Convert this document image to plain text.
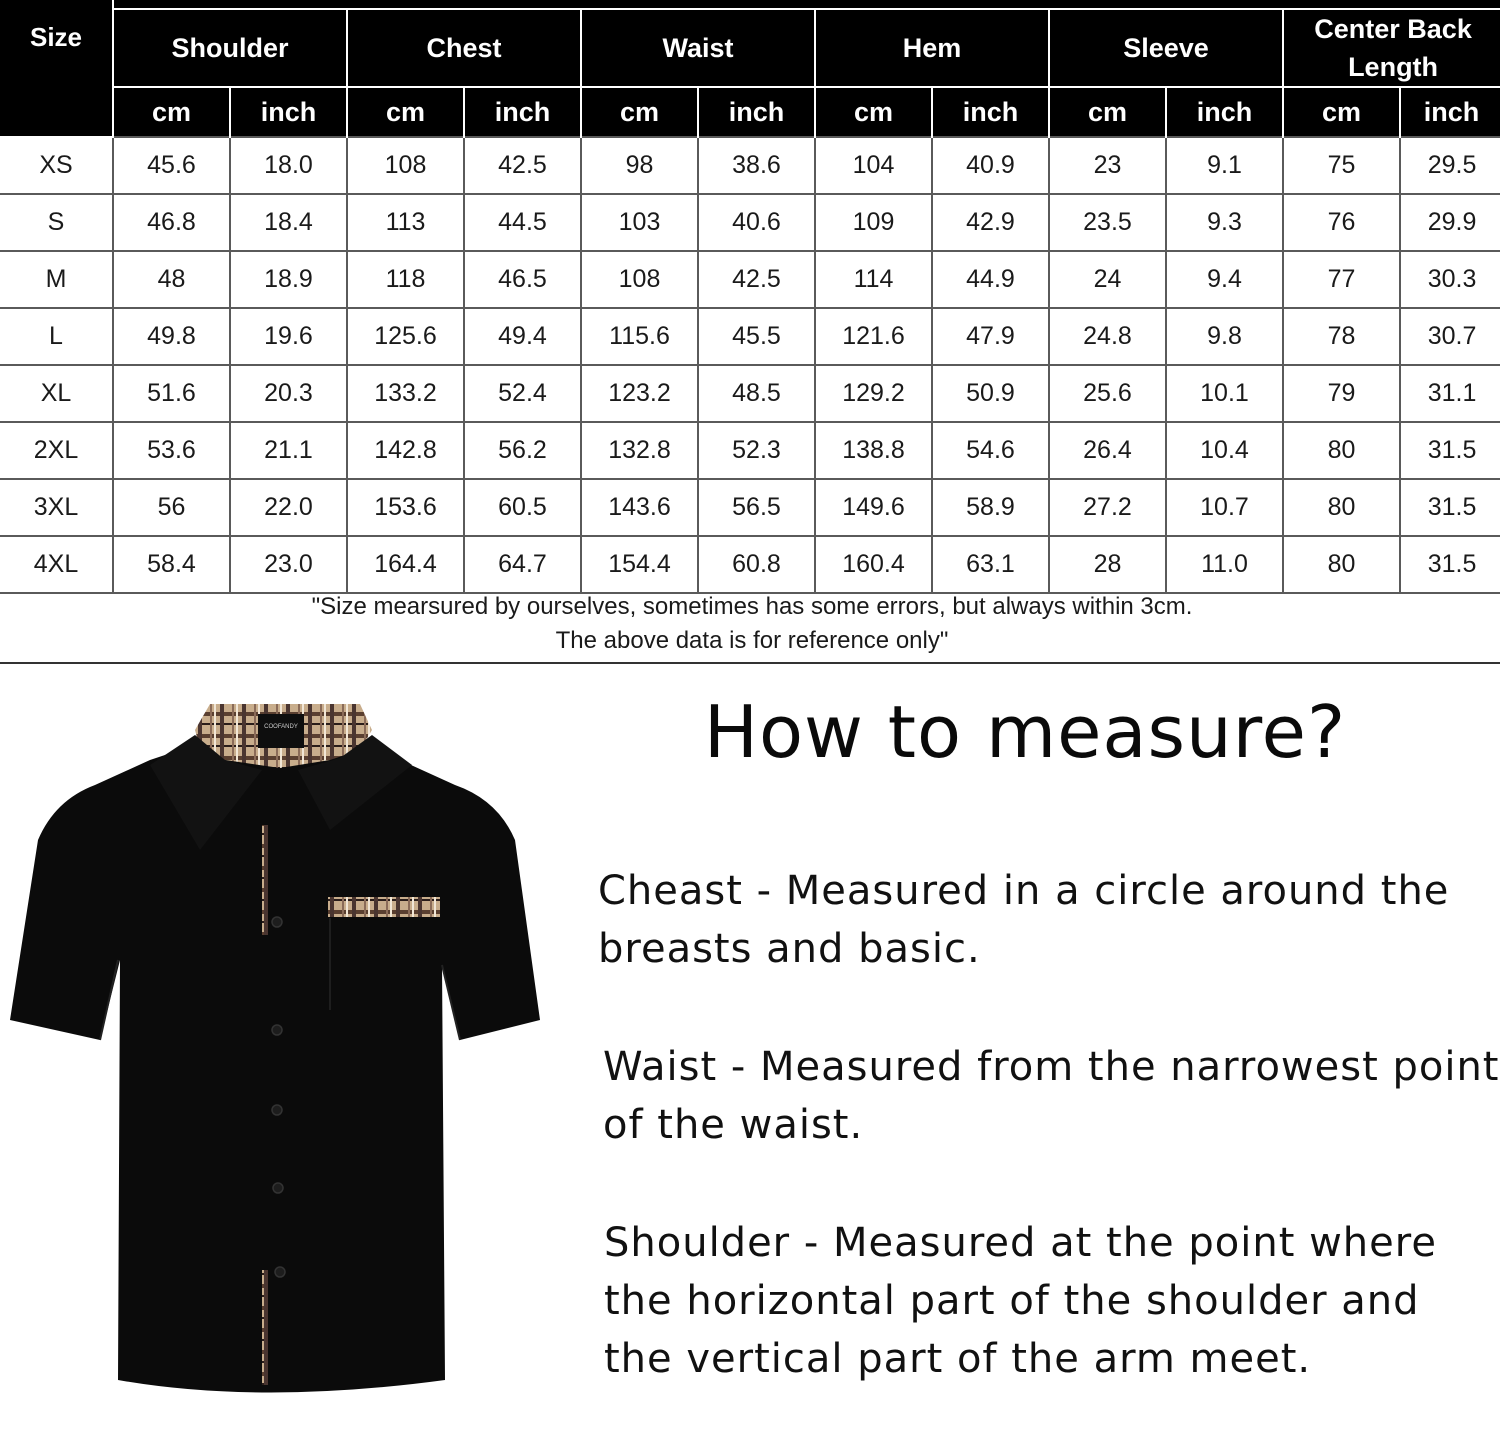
Size												
	Shoulder		Chest		Waist		Hem		Sleeve		Center Back
Length	
	cm	inch	cm	inch	cm	inch	cm	inch	cm	inch	cm	inch
XS	45.6	18.0	108	42.5	98	38.6	104	40.9	23	9.1	75	29.5
S	46.8	18.4	113	44.5	103	40.6	109	42.9	23.5	9.3	76	29.9
M	48	18.9	118	46.5	108	42.5	114	44.9	24	9.4	77	30.3
L	49.8	19.6	125.6	49.4	115.6	45.5	121.6	47.9	24.8	9.8	78	30.7
XL	51.6	20.3	133.2	52.4	123.2	48.5	129.2	50.9	25.6	10.1	79	31.1
2XL	53.6	21.1	142.8	56.2	132.8	52.3	138.8	54.6	26.4	10.4	80	31.5
3XL	56	22.0	153.6	60.5	143.6	56.5	149.6	58.9	27.2	10.7	80	31.5
4XL	58.4	23.0	164.4	64.7	154.4	60.8	160.4	63.1	28	11.0	80	31.5
"Size mearsured by ourselves, sometimes has some errors, but always within 3cm.
The above data is for reference only"
COOFANDY	How to measure?
Cheast - Measured in a circle around the
breasts and basic.
Waist - Measured from the narrowest point
of the waist.
Shoulder - Measured at the point where
the horizontal part of the shoulder and
the vertical part of the arm meet.
